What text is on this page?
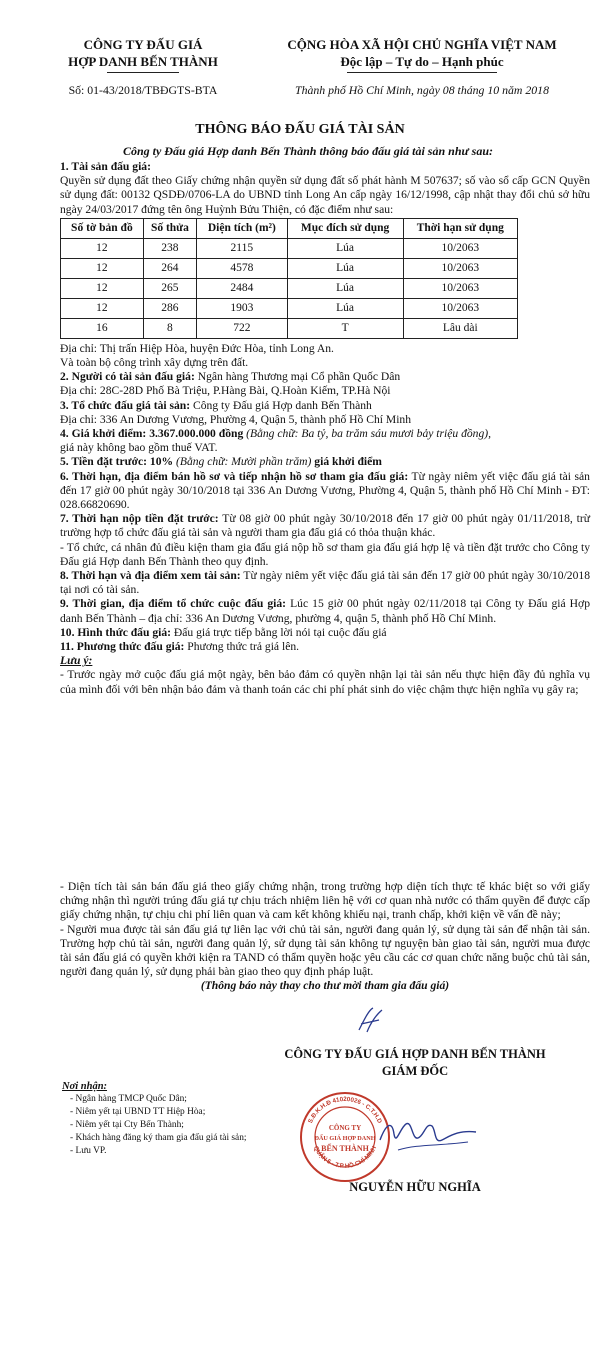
CÔNG TY ĐẤU GIÁ
HỢP DANH BẾN THÀNH
Số: 01-43/2018/TBĐGTS-BTA
CỘNG HÒA XÃ HỘI CHỦ NGHĨA VIỆT NAM
Độc lập – Tự do – Hạnh phúc
Thành phố Hồ Chí Minh, ngày 08 tháng 10 năm 2018
THÔNG BÁO ĐẤU GIÁ TÀI SẢN
Công ty Đấu giá Hợp danh Bến Thành thông báo đấu giá tài sản như sau:

1. Tài sản đấu giá:

Quyền sử dụng đất theo Giấy chứng nhận quyền sử dụng đất số phát hành M 507637; số vào sổ cấp GCN Quyền sử dụng đất: 00132 QSDĐ/0706-LA do UBND tỉnh Long An cấp ngày 16/12/1998, cập nhật thay đổi chủ sở hữu ngày 24/03/2017 đứng tên ông Huỳnh Bửu Thiện, có đặc điểm như sau:

Số tờ bản đồ	Số thửa	Diện tích (m²)	Mục đích sử dụng	Thời hạn sử dụng
12	238	2115	Lúa	10/2063
12	264	4578	Lúa	10/2063
12	265	2484	Lúa	10/2063
12	286	1903	Lúa	10/2063
16	8	722	T	Lâu dài

Địa chỉ: Thị trấn Hiệp Hòa, huyện Đức Hòa, tỉnh Long An.

Và toàn bộ công trình xây dựng trên đất.

2. Người có tài sản đấu giá: Ngân hàng Thương mại Cổ phần Quốc Dân

Địa chỉ: 28C-28D Phố Bà Triệu, P.Hàng Bài, Q.Hoàn Kiếm, TP.Hà Nội

3. Tổ chức đấu giá tài sản: Công ty Đấu giá Hợp danh Bến Thành

Địa chỉ: 336 An Dương Vương, Phường 4, Quận 5, thành phố Hồ Chí Minh

4. Giá khởi điểm: 3.367.000.000 đồng (Bằng chữ: Ba tỷ, ba trăm sáu mươi bảy triệu đồng),

giá này không bao gồm thuế VAT.

5. Tiền đặt trước: 10% (Bằng chữ: Mười phần trăm) giá khởi điểm

6. Thời hạn, địa điểm bán hồ sơ và tiếp nhận hồ sơ tham gia đấu giá: Từ ngày niêm yết việc đấu giá tài sản đến 17 giờ 00 phút ngày 30/10/2018 tại 336 An Dương Vương, Phường 4, Quận 5, thành phố Hồ Chí Minh - ĐT: 028.66820690.

7. Thời hạn nộp tiền đặt trước: Từ 08 giờ 00 phút ngày 30/10/2018 đến 17 giờ 00 phút ngày 01/11/2018, trừ trường hợp tổ chức đấu giá tài sản và người tham gia đấu giá có thỏa thuận khác.

- Tổ chức, cá nhân đủ điều kiện tham gia đấu giá nộp hồ sơ tham gia đấu giá hợp lệ và tiền đặt trước cho Công ty Đấu giá Hợp danh Bến Thành theo quy định.

8. Thời hạn và địa điểm xem tài sản: Từ ngày niêm yết việc đấu giá tài sản đến 17 giờ 00 phút ngày 30/10/2018 tại nơi có tài sản.

9. Thời gian, địa điểm tổ chức cuộc đấu giá: Lúc 15 giờ 00 phút ngày 02/11/2018 tại Công ty Đấu giá Hợp danh Bến Thành – địa chỉ: 336 An Dương Vương, phường 4, quận 5, thành phố Hồ Chí Minh.

10. Hình thức đấu giá: Đấu giá trực tiếp bằng lời nói tại cuộc đấu giá

11. Phương thức đấu giá: Phương thức trả giá lên.

Lưu ý:

- Trước ngày mở cuộc đấu giá một ngày, bên bảo đảm có quyền nhận lại tài sản nếu thực hiện đầy đủ nghĩa vụ của mình đối với bên nhận bảo đảm và thanh toán các chi phí phát sinh do việc chậm thực hiện nghĩa vụ gây ra;

- Diện tích tài sản bán đấu giá theo giấy chứng nhận, trong trường hợp diện tích thực tế khác biệt so với giấy chứng nhận thì người trúng đấu giá tự chịu trách nhiệm liên hệ với cơ quan nhà nước có thẩm quyền để được cấp giấy chứng nhận, tự chịu chi phí liên quan và cam kết không khiếu nại, tranh chấp, khởi kiện về vấn đề này;

- Người mua được tài sản đấu giá tự liên lạc với chủ tài sản, người đang quản lý, sử dụng tài sản để nhận tài sản. Trường hợp chủ tài sản, người đang quản lý, sử dụng tài sản không tự nguyện bàn giao tài sản, người mua được tài sản đấu giá có quyền khởi kiện ra TAND có thẩm quyền hoặc yêu cầu các cơ quan chức năng buộc chủ tài sản, người đang quản lý, sử dụng phải bàn giao theo quy định pháp luật.

(Thông báo này thay cho thư mời tham gia đấu giá)

Nơi nhận:
- Ngân hàng TMCP Quốc Dân;
- Niêm yết tại UBND TT Hiệp Hòa;
- Niêm yết tại Cty Bến Thành;
- Khách hàng đăng ký tham gia đấu giá tài sản;
- Lưu VP.
CÔNG TY ĐẤU GIÁ HỢP DANH BẾN THÀNH
GIÁM ĐỐC
S.Đ.K.H.Đ 41020026 - C.T.H.D
QUẬN 5 - T.P HỒ CHÍ MINH
CÔNG TY
ĐẤU GIÁ HỢP DANH
BẾN THÀNH
NGUYỄN HỮU NGHĨA
